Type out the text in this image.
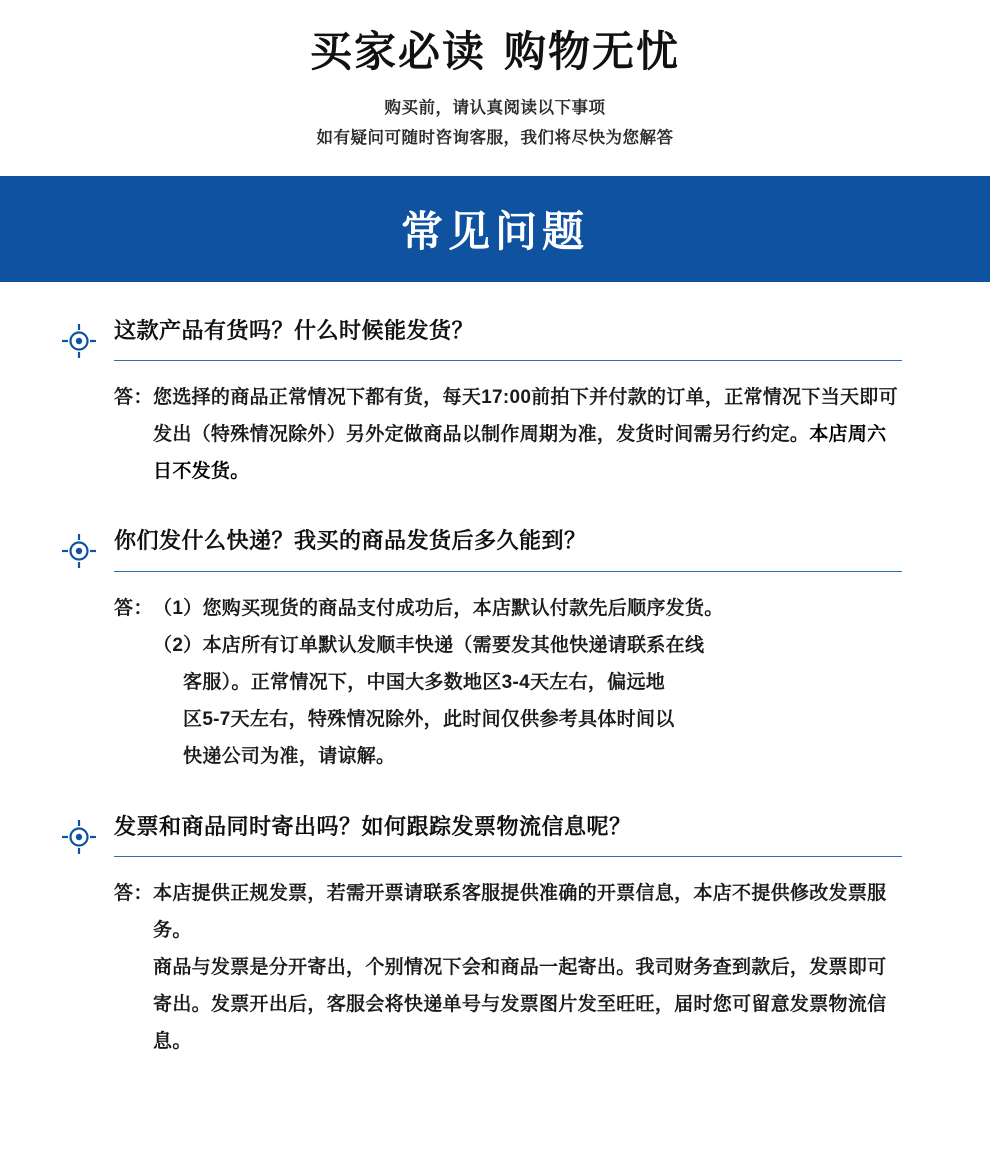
买家必读 购物无忧
购买前，请认真阅读以下事项
如有疑问可随时咨询客服，我们将尽快为您解答
常见问题
这款产品有货吗？什么时候能发货？
答： 您选择的商品正常情况下都有货，每天17:00前拍下并付款的订单，正常情况下当天即可发出（特殊情况除外）另外定做商品以制作周期为准，发货时间需另行约定。本店周六日不发货。
你们发什么快递？我买的商品发货后多久能到？
答： （1）您购买现货的商品支付成功后，本店默认付款先后顺序发货。
（2）本店所有订单默认发顺丰快递（需要发其他快递请联系在线
客服）。正常情况下，中国大多数地区3-4天左右，偏远地
区5-7天左右，特殊情况除外，此时间仅供参考具体时间以
快递公司为准，请谅解。
发票和商品同时寄出吗？如何跟踪发票物流信息呢？
答： 本店提供正规发票，若需开票请联系客服提供准确的开票信息，本店不提供修改发票服务。
商品与发票是分开寄出，个别情况下会和商品一起寄出。我司财务查到款后，发票即可寄出。发票开出后，客服会将快递单号与发票图片发至旺旺，届时您可留意发票物流信息。
